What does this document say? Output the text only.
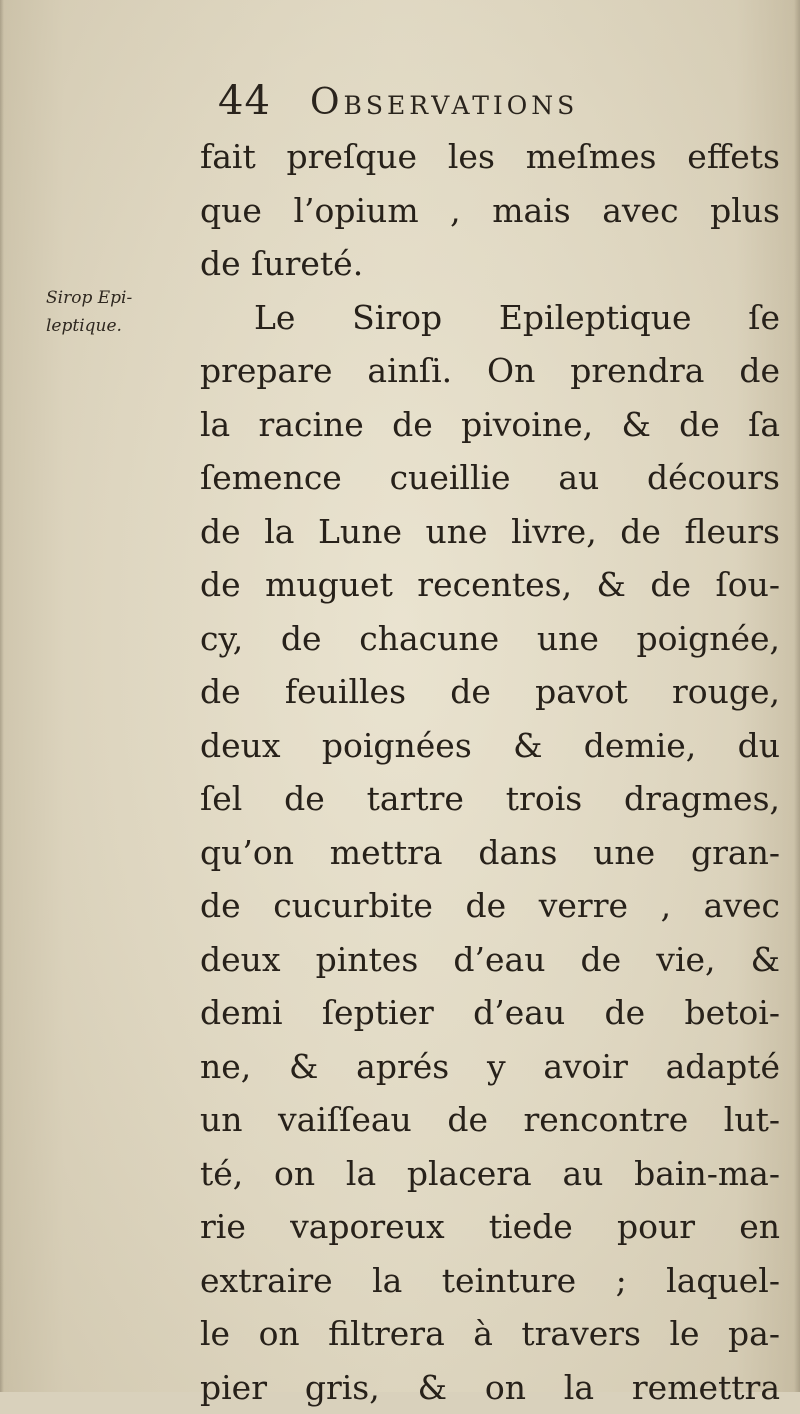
44 Observations
Sirop Epi-
leptique.
fait preſque les meſmes effets
que l’opium , mais avec plus
de ſureté.
Le Sirop Epileptique ſe
prepare ainſi. On prendra de
la racine de pivoine, & de ſa
ſemence cueillie au décours
de la Lune une livre, de fleurs
de muguet recentes, & de ſou-
cy, de chacune une poignée,
de feuilles de pavot rouge,
deux poignées & demie, du
ſel de tartre trois dragmes,
qu’on mettra dans une gran-
de cucurbite de verre , avec
deux pintes d’eau de vie, &
demi ſeptier d’eau de betoi-
ne, & aprés y avoir adapté
un vaiſſeau de rencontre lut-
té, on la placera au bain-ma-
rie vaporeux tiede pour en
extraire la teinture ; laquel-
le on filtrera à travers le pa-
pier gris, & on la remettra
